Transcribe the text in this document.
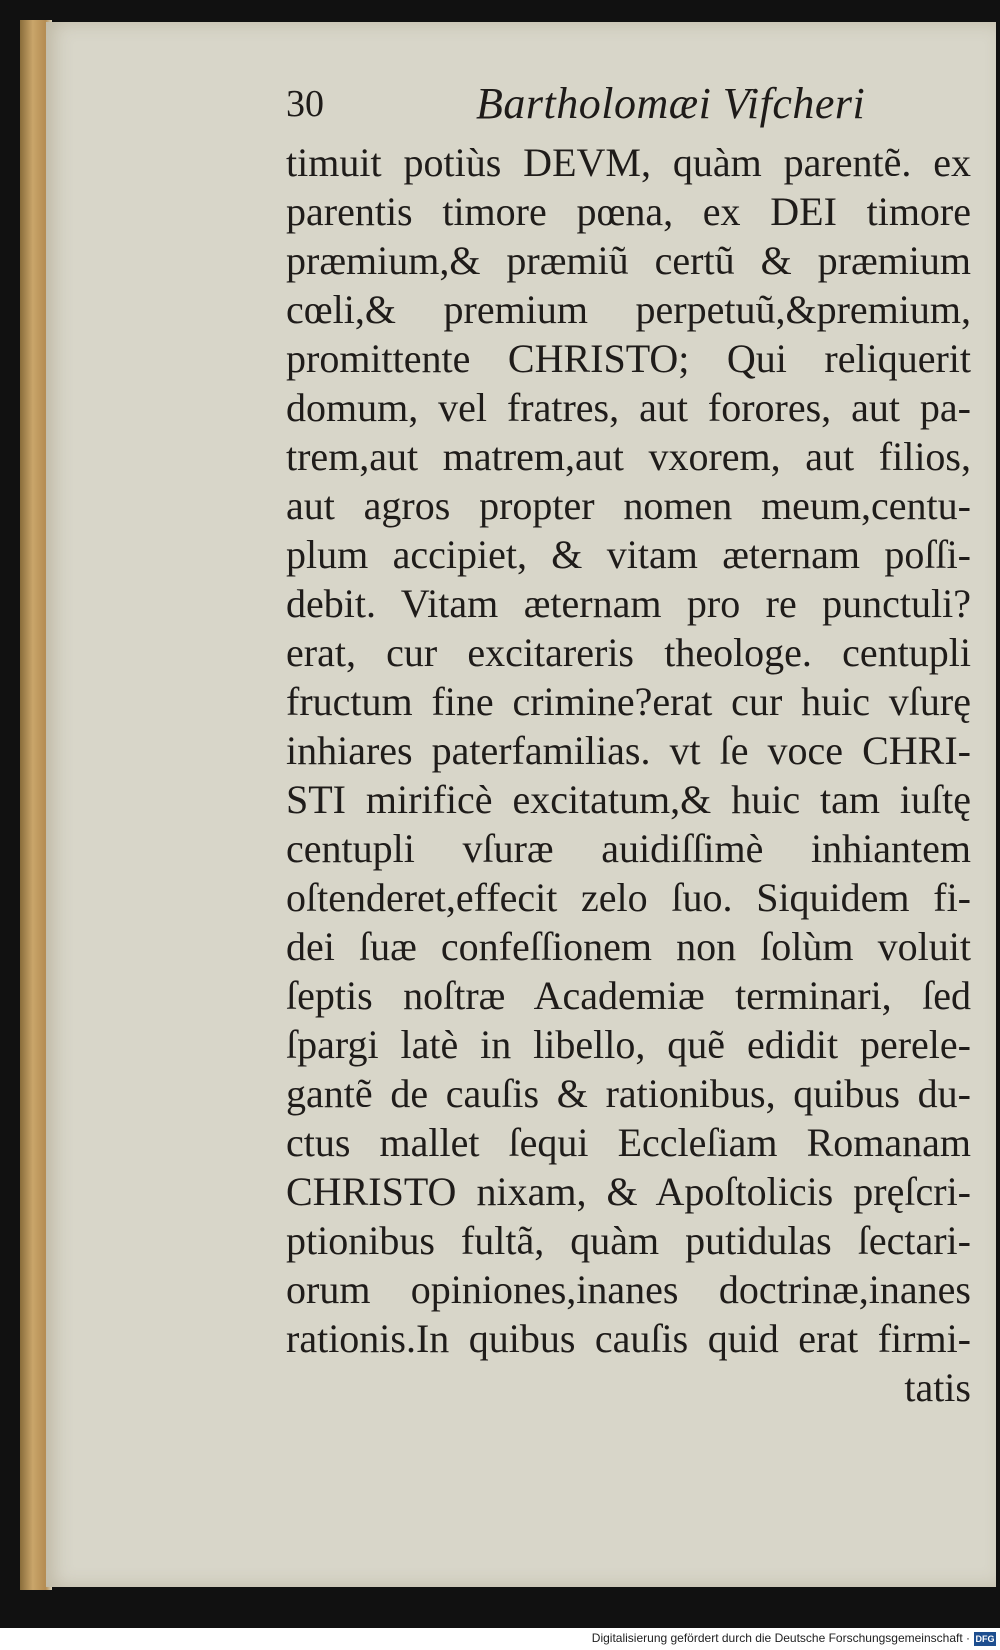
30	Bartholomæi Vifcheri
timuit potiùs DEVM, quàm parentẽ. ex
parentis timore pœna, ex DEI timore
præmium,& præmiũ certũ & præmium
cœli,& premium perpetuũ,&premium,
promittente CHRISTO; Qui reliquerit
domum, vel fratres, aut forores, aut pa-
trem,aut matrem,aut vxorem, aut filios,
aut agros propter nomen meum,centu-
plum accipiet, & vitam æternam poſſi-
debit. Vitam æternam pro re punctuli?
erat, cur excitareris theologe. centupli
fructum fine crimine?erat cur huic vſurę
inhiares paterfamilias. vt ſe voce CHRI-
STI mirificè excitatum,& huic tam iuſtę
centupli vſuræ auidiſſimè inhiantem
oſtenderet,effecit zelo ſuo. Siquidem fi-
dei ſuæ confeſſionem non ſolùm voluit
ſeptis noſtræ Academiæ terminari, ſed
ſpargi latè in libello, quẽ edidit perele-
gantẽ de cauſis & rationibus, quibus du-
ctus mallet ſequi Eccleſiam Romanam
CHRISTO nixam, & Apoſtolicis pręſcri-
ptionibus fultã, quàm putidulas ſectari-
orum opiniones,inanes doctrinæ,inanes
rationis.In quibus cauſis quid erat firmi-
tatis
Digitalisierung gefördert durch die Deutsche Forschungsgemeinschaft · DFG
